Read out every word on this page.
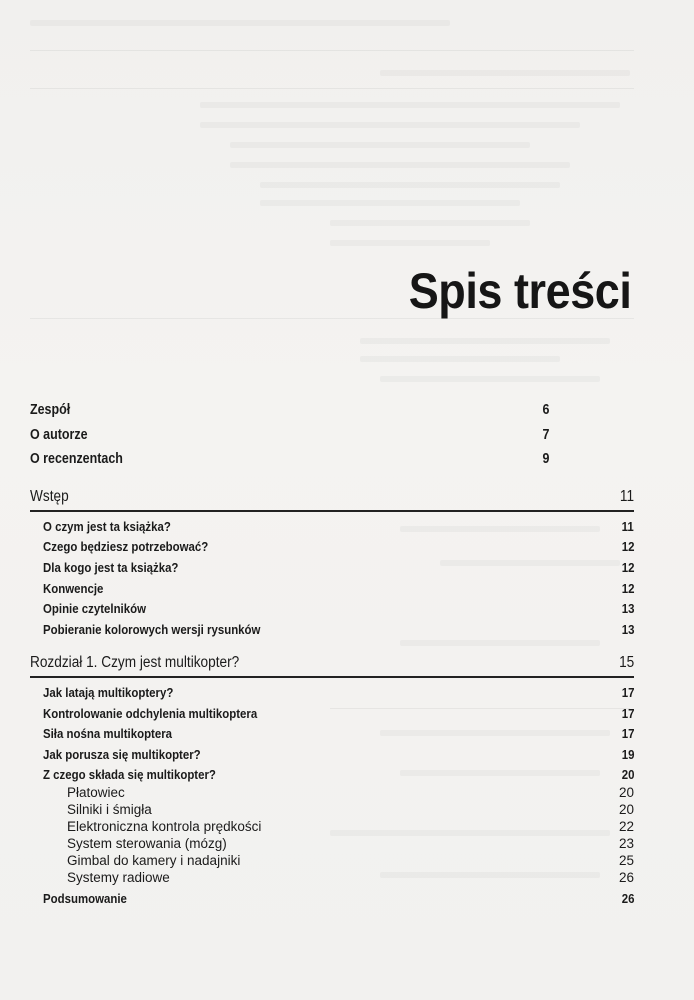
Spis treści
Zespół	6
O autorze	7
O recenzentach	9
Wstęp	11
O czym jest ta książka?	11
Czego będziesz potrzebować?	12
Dla kogo jest ta książka?	12
Konwencje	12
Opinie czytelników	13
Pobieranie kolorowych wersji rysunków	13
Rozdział 1. Czym jest multikopter?	15
Jak latają multikoptery?	17
Kontrolowanie odchylenia multikoptera	17
Siła nośna multikoptera	17
Jak porusza się multikopter?	19
Z czego składa się multikopter?	20
Płatowiec	20
Silniki i śmigła	20
Elektroniczna kontrola prędkości	22
System sterowania (mózg)	23
Gimbal do kamery i nadajniki	25
Systemy radiowe	26
Podsumowanie	26
